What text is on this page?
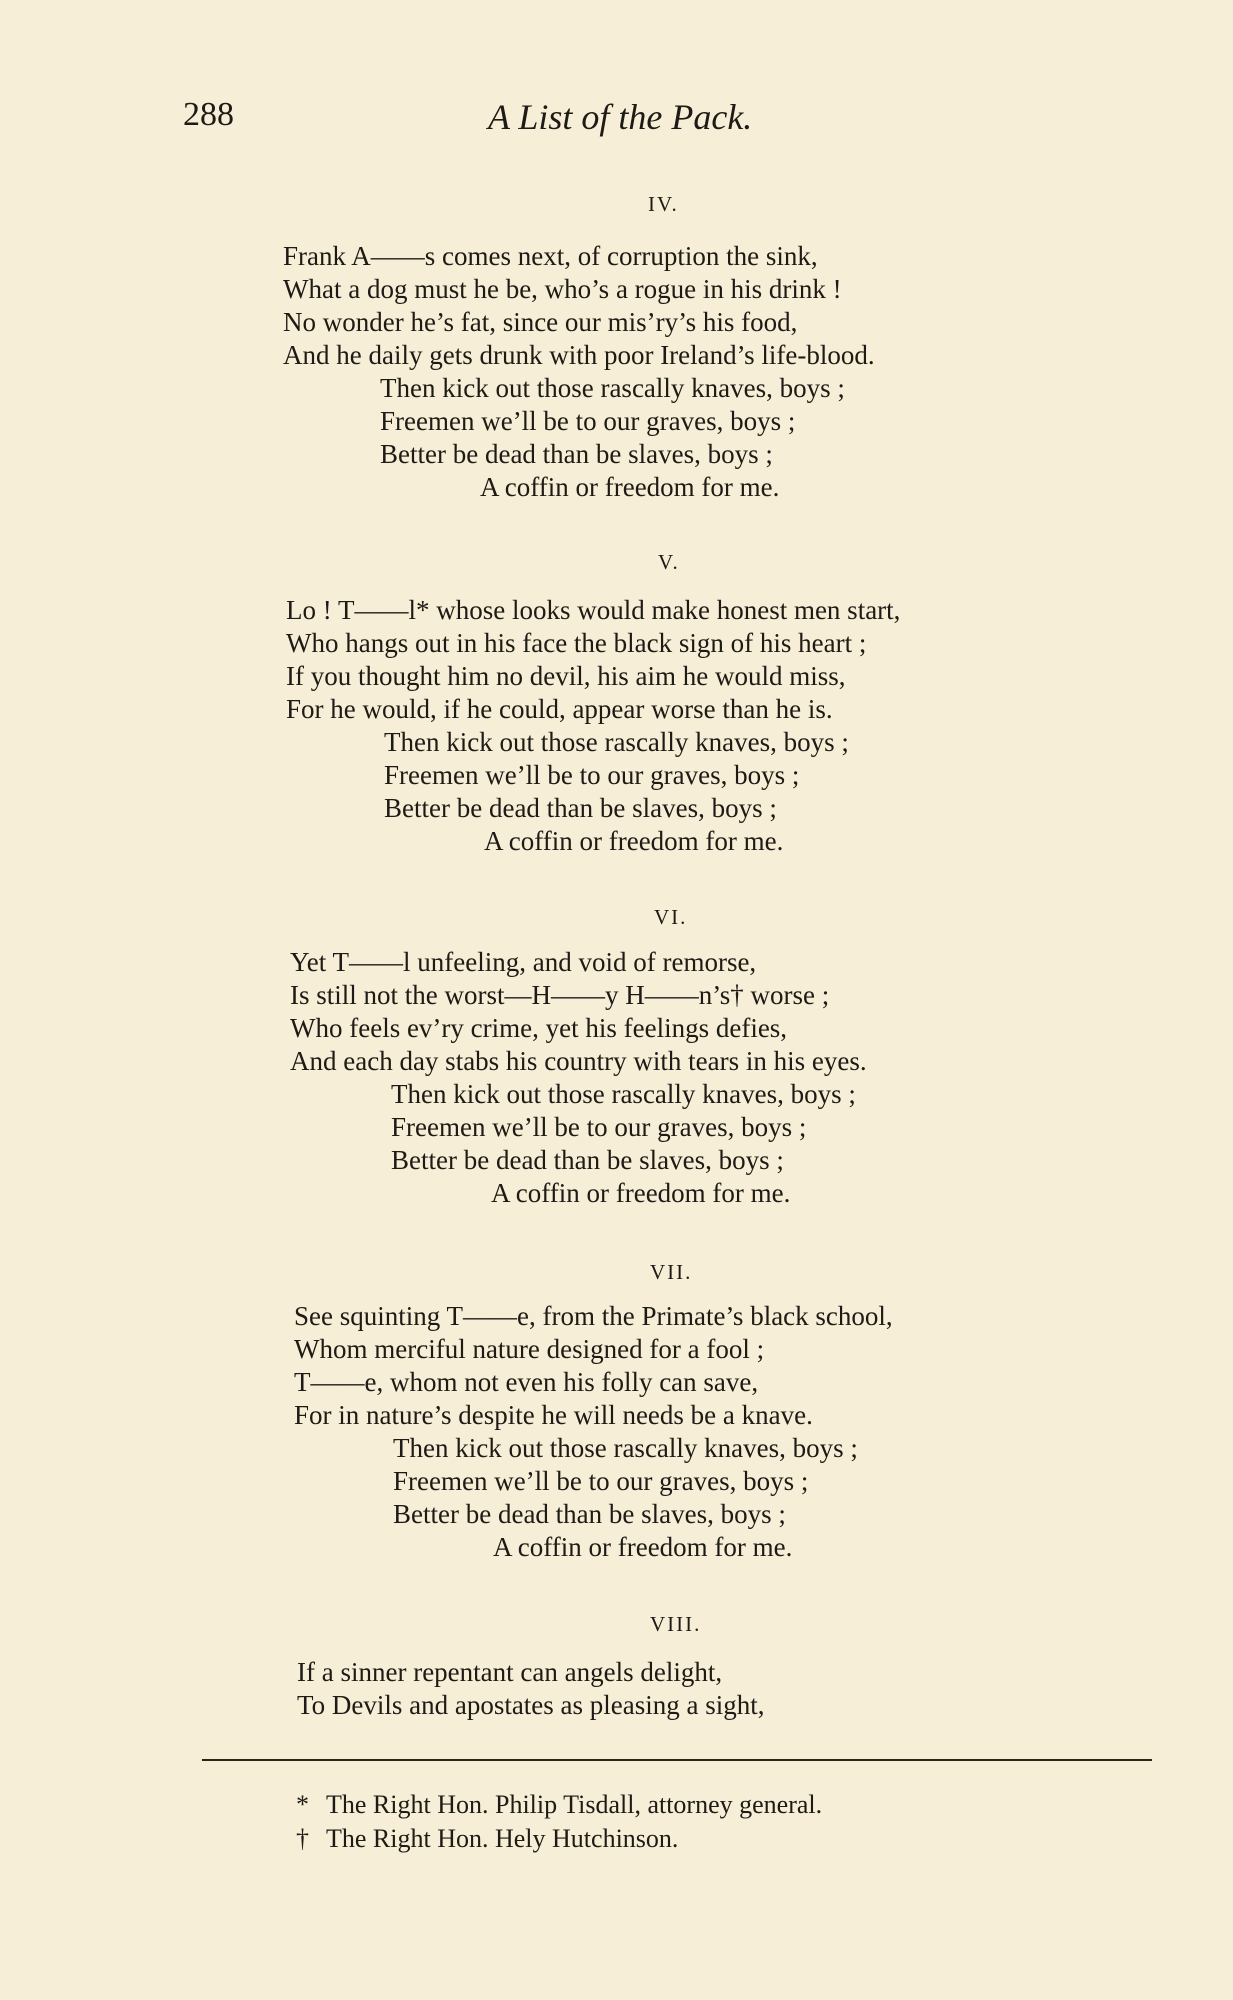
288	A List of the Pack.
IV.
Frank A——s comes next, of corruption the sink,
What a dog must he be, who’s a rogue in his drink !
No wonder he’s fat, since our mis’ry’s his food,
And he daily gets drunk with poor Ireland’s life-blood.
Then kick out those rascally knaves, boys ;
Freemen we’ll be to our graves, boys ;
Better be dead than be slaves, boys ;
A coffin or freedom for me.
V.
Lo ! T——l* whose looks would make honest men start,
Who hangs out in his face the black sign of his heart ;
If you thought him no devil, his aim he would miss,
For he would, if he could, appear worse than he is.
Then kick out those rascally knaves, boys ;
Freemen we’ll be to our graves, boys ;
Better be dead than be slaves, boys ;
A coffin or freedom for me.
VI.
Yet T——l unfeeling, and void of remorse,
Is still not the worst—H——y H——n’s† worse ;
Who feels ev’ry crime, yet his feelings defies,
And each day stabs his country with tears in his eyes.
Then kick out those rascally knaves, boys ;
Freemen we’ll be to our graves, boys ;
Better be dead than be slaves, boys ;
A coffin or freedom for me.
VII.
See squinting T——e, from the Primate’s black school,
Whom merciful nature designed for a fool ;
T——e, whom not even his folly can save,
For in nature’s despite he will needs be a knave.
Then kick out those rascally knaves, boys ;
Freemen we’ll be to our graves, boys ;
Better be dead than be slaves, boys ;
A coffin or freedom for me.
VIII.
If a sinner repentant can angels delight,
To Devils and apostates as pleasing a sight,
* The Right Hon. Philip Tisdall, attorney general.
† The Right Hon. Hely Hutchinson.
